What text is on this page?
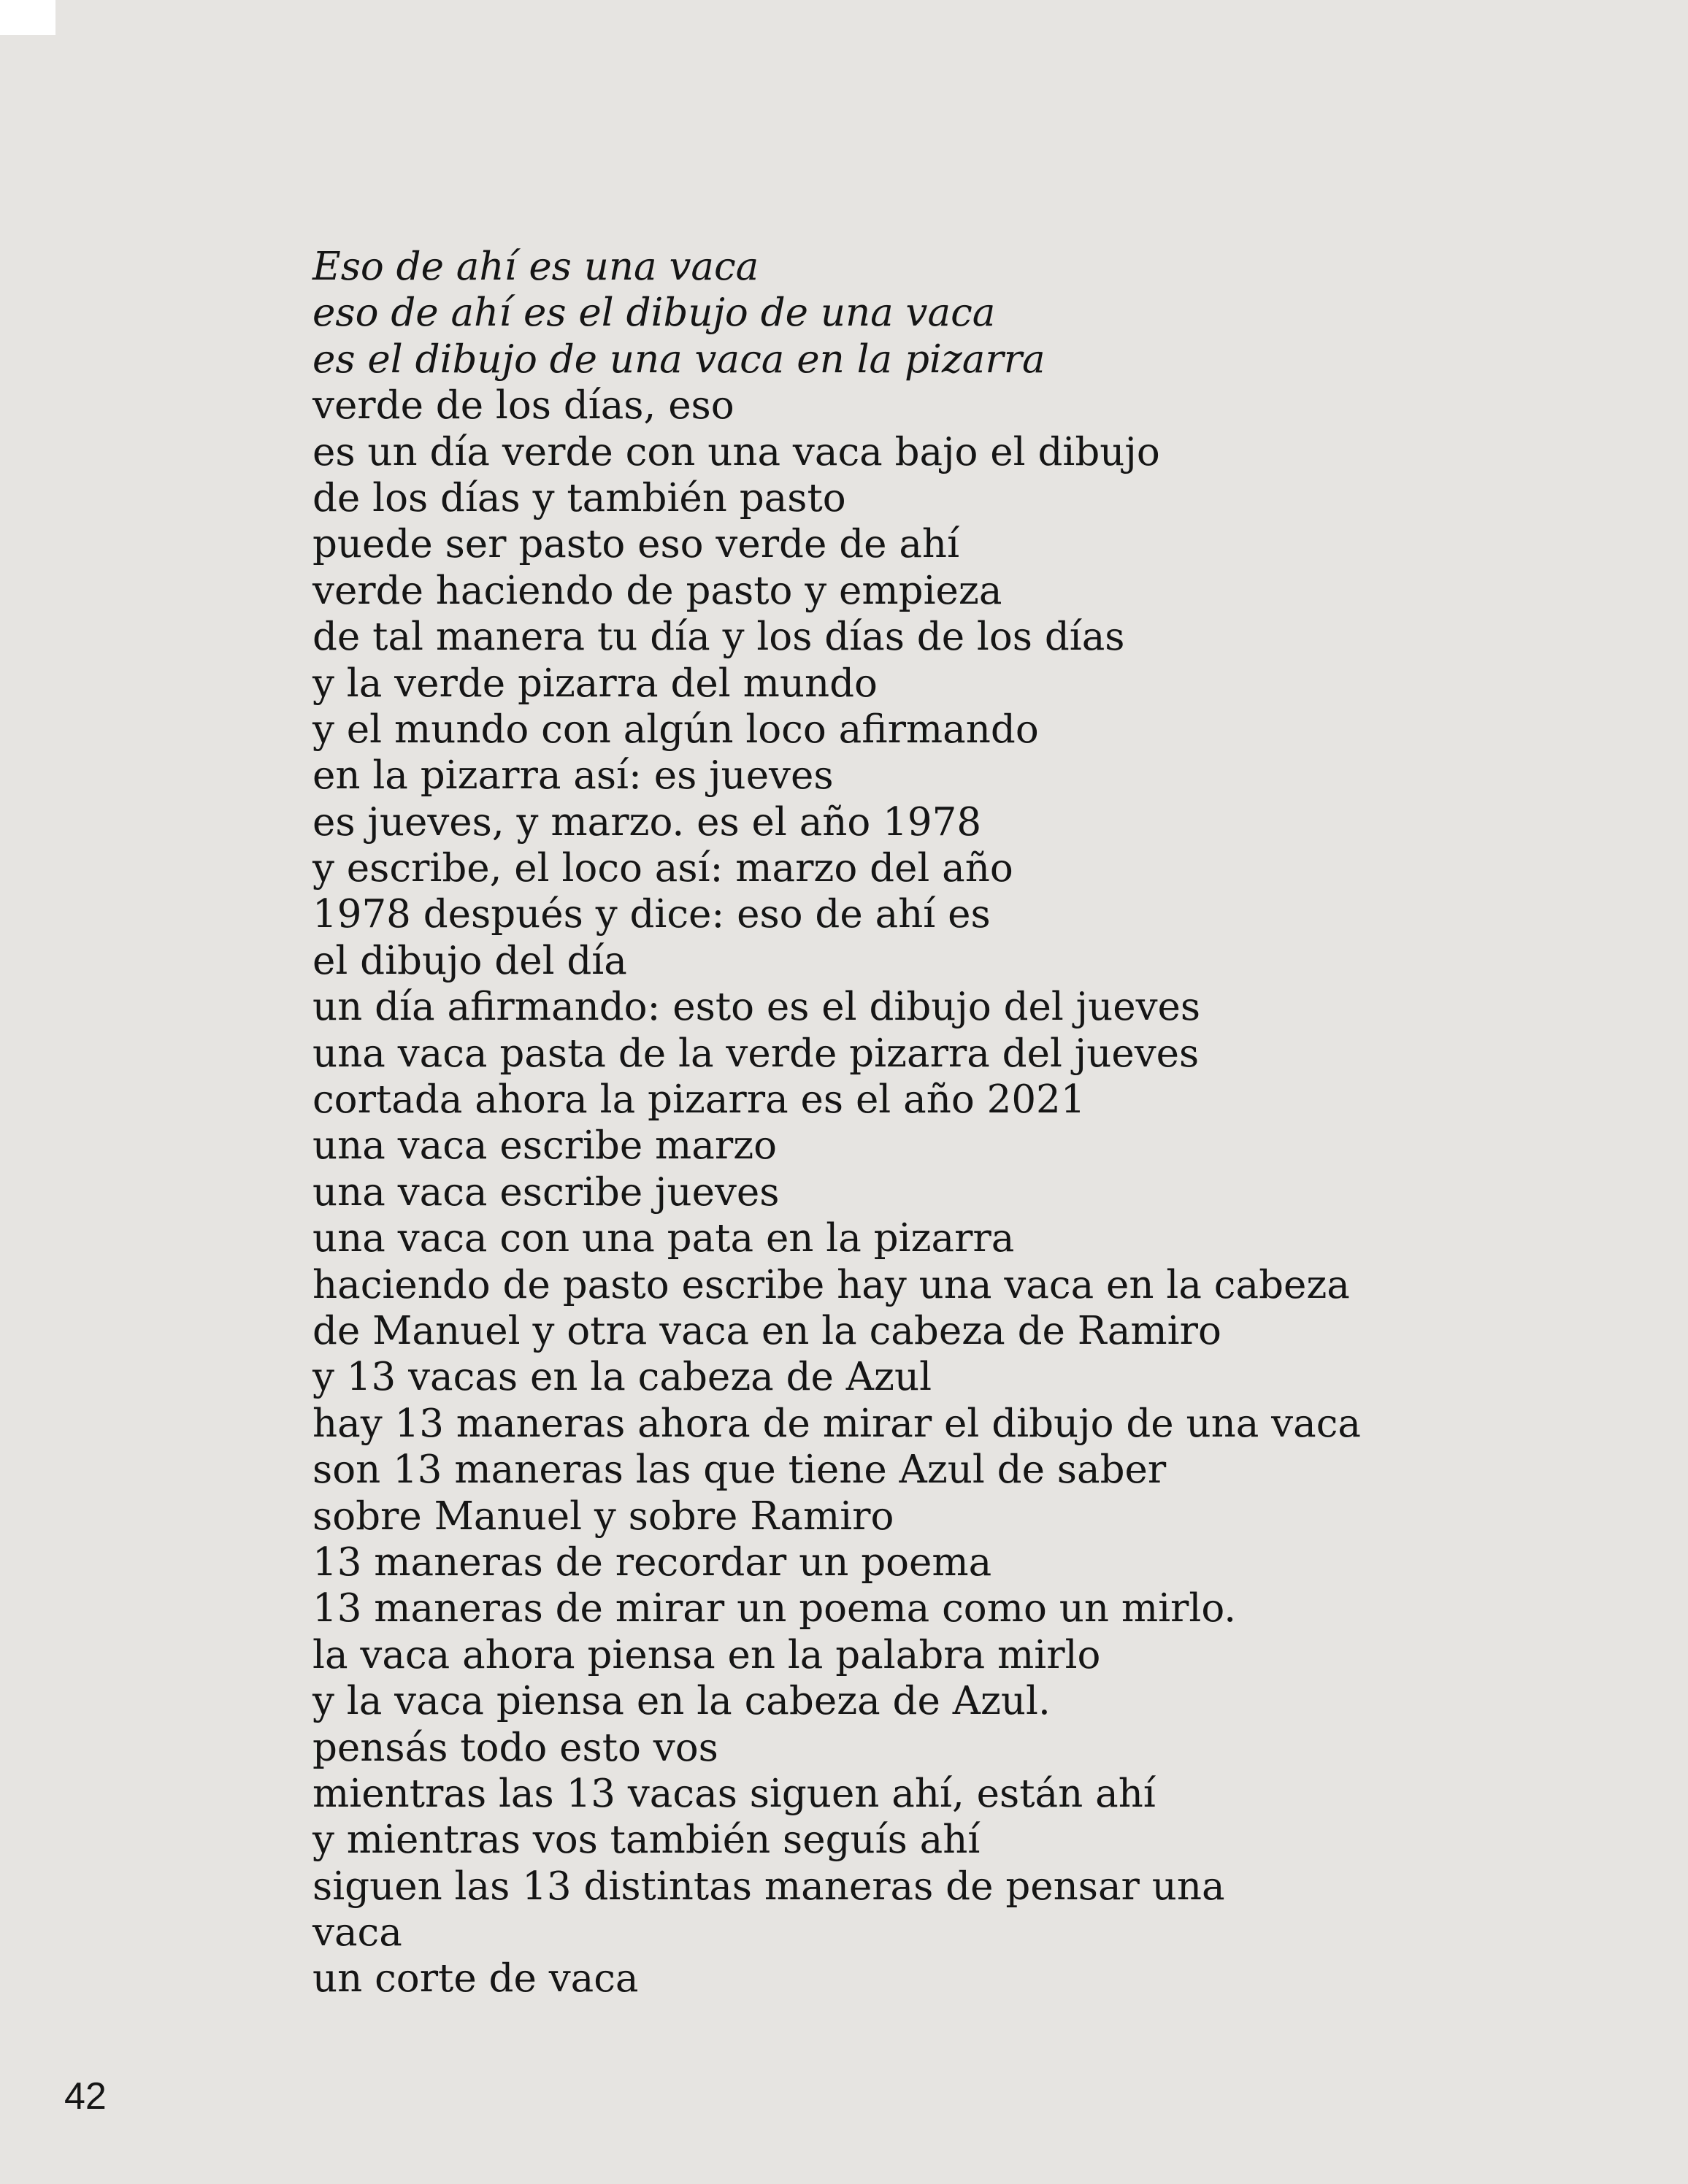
Eso de ahí es una vaca
eso de ahí es el dibujo de una vaca
es el dibujo de una vaca en la pizarra
verde de los días, eso
es un día verde con una vaca bajo el dibujo
de los días y también pasto
puede ser pasto eso verde de ahí
verde haciendo de pasto y empieza
de tal manera tu día y los días de los días
y la verde pizarra del mundo
y el mundo con algún loco afirmando
en la pizarra así: es jueves
es jueves, y marzo. es el año 1978
y escribe, el loco así: marzo del año
1978 después y dice: eso de ahí es
el dibujo del día
un día afirmando: esto es el dibujo del jueves
una vaca pasta de la verde pizarra del jueves
cortada ahora la pizarra es el año 2021
una vaca escribe marzo
una vaca escribe jueves
una vaca con una pata en la pizarra
haciendo de pasto escribe hay una vaca en la cabeza
de Manuel y otra vaca en la cabeza de Ramiro
y 13 vacas en la cabeza de Azul
hay 13 maneras ahora de mirar el dibujo de una vaca
son 13 maneras las que tiene Azul de saber
sobre Manuel y sobre Ramiro
13 maneras de recordar un poema
13 maneras de mirar un poema como un mirlo.
la vaca ahora piensa en la palabra mirlo
y la vaca piensa en la cabeza de Azul.
pensás todo esto vos
mientras las 13 vacas siguen ahí, están ahí
y mientras vos también seguís ahí
siguen las 13 distintas maneras de pensar una
vaca
un corte de vaca
42
